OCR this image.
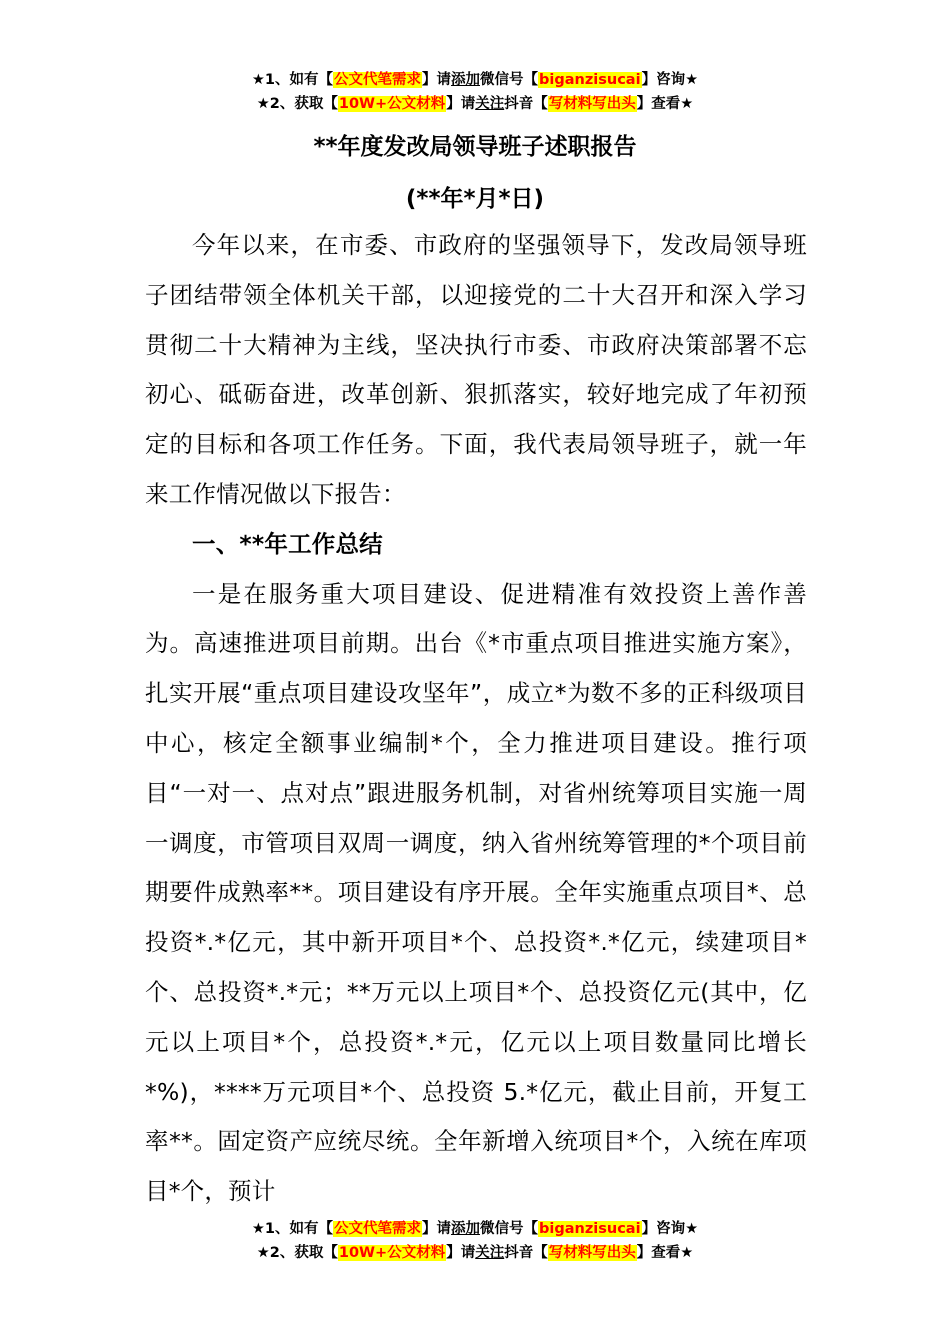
★1、如有【公文代笔需求】请添加微信号【biganzisucai】咨询★
★2、获取【10W+公文材料】请关注抖音【写材料写出头】查看★
**年度发改局领导班子述职报告
(**年*月*日)

今年以来，在市委、市政府的坚强领导下，发改局领导班子团结带领全体机关干部，以迎接党的二十大召开和深入学习贯彻二十大精神为主线，坚决执行市委、市政府决策部署不忘初心、砥砺奋进，改革创新、狠抓落实，较好地完成了年初预定的目标和各项工作任务。下面，我代表局领导班子，就一年来工作情况做以下报告：

一、**年工作总结

一是在服务重大项目建设、促进精准有效投资上善作善为。高速推进项目前期。出台《*市重点项目推进实施方案》，扎实开展“重点项目建设攻坚年”，成立*为数不多的正科级项目中心，核定全额事业编制*个，全力推进项目建设。推行项目“一对一、点对点”跟进服务机制，对省州统筹项目实施一周一调度，市管项目双周一调度，纳入省州统筹管理的*个项目前期要件成熟率**。项目建设有序开展。全年实施重点项目*、总投资*.*亿元，其中新开项目*个、总投资*.*亿元，续建项目*个、总投资*.*元；**万元以上项目*个、总投资亿元(其中，亿元以上项目*个，总投资*.*元，亿元以上项目数量同比增长*%)，****万元项目*个、总投资 5.*亿元，截止目前，开复工率**。固定资产应统尽统。全年新增入统项目*个，入统在库项目*个，预计

★1、如有【公文代笔需求】请添加微信号【biganzisucai】咨询★
★2、获取【10W+公文材料】请关注抖音【写材料写出头】查看★
